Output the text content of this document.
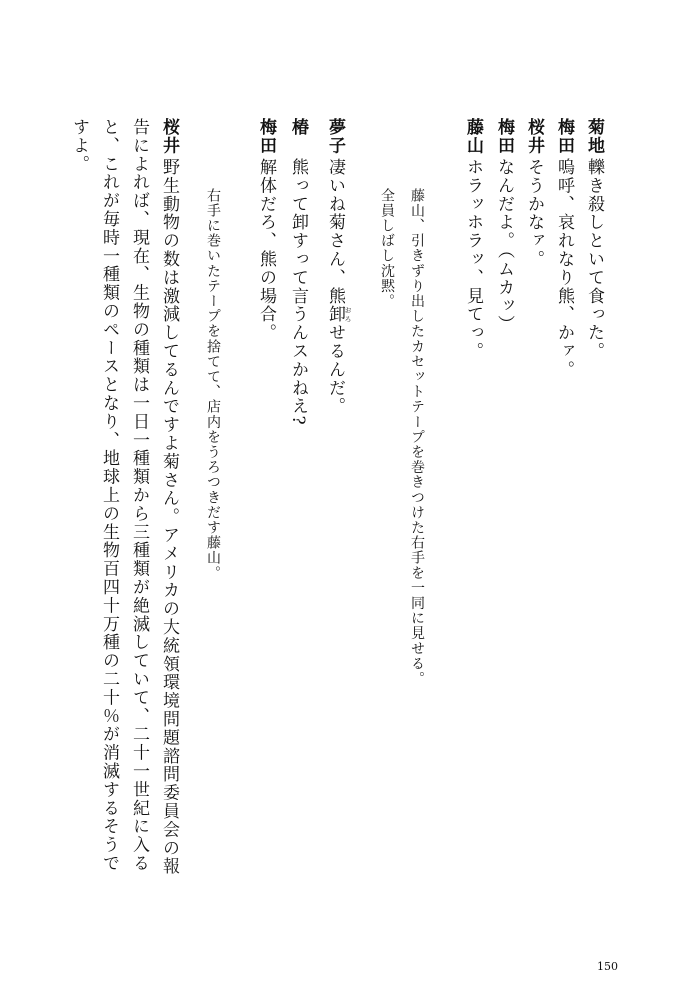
菊地轢き殺しといて食った。
梅田嗚呼、哀れなり熊、かァ。
桜井そうかなァ。
梅田なんだよ。（ムカッ）
藤山ホラッホラッ、見てっ。
藤山、引きずり出したカセットテープを巻きつけた右手を一同に見せる。
全員しばし沈黙。
夢子凄いね菊さん、熊卸 おろせるんだ。
椿熊って卸すって言うんスかねえ?
梅田解体だろ、熊の場合。
右手に巻いたテープを捨てて、店内をうろつきだす藤山。
桜井野生動物の数は激減してるんですよ菊さん。アメリカの大統領環境問題諮問委員会の報告によれば、現在、生物の種類は一日一種類から三種類が絶滅していて、二十一世紀に入ると、これが毎時一種類のペースとなり、地球上の生物百四十万種の二十％が消滅するそうですよ。
150
